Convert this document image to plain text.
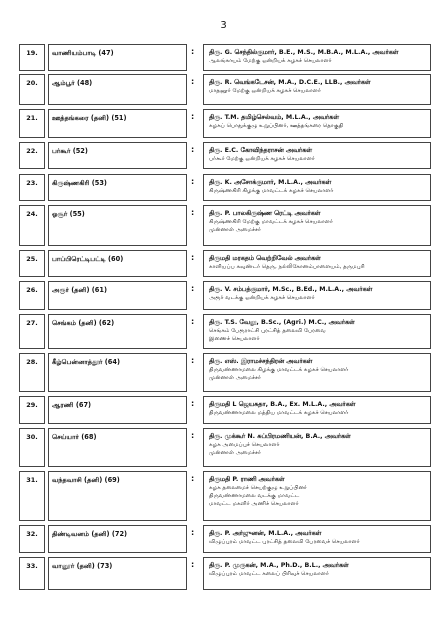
3
19.	வாணியம்பாடி (47)	: திரு. G. செந்தில்குமார், B.E., M.S., M.B.A., M.L.A., அவர்கள்
ஆலங்காயம் மேற்கு ஒன்றியக் கழகச் செயலாளர்
20.	ஆம்பூர் (48)	: திரு. R. வெங்கடேசன், M.A., D.C.E., LLB., அவர்கள்
மாதனூர் மேற்கு ஒன்றியக் கழகச் செயலாளர்
21.	ஊத்தங்கரை (தனி) (51)	: திரு. T.M. தமிழ்செல்வம், M.L.A., அவர்கள்
கழகப் பொதுக்குழு உறுப்பினர், ஊத்தங்கரை தொகுதி
22.	பர்கூர் (52)	: திரு. E.C. கோவிந்தராசன் அவர்கள்
பர்கூர் மேற்கு ஒன்றியக் கழகச் செயலாளர்
23.	கிருஷ்ணகிரி (53)	: திரு. K. அசோக்குமார், M.L.A., அவர்கள்
கிருஷ்ணகிரி கிழக்கு மாவட்டக் கழகச் செயலாளர்
24.	ஓசூர் (55)	: திரு. P. பாலகிருஷ்ண ரெட்டி அவர்கள்
கிருஷ்ணகிரி மேற்கு மாவட்டக் கழகச் செயலாளர்
முன்னாள் அமைச்சர்
25.	பாப்பிரெட்டிபட்டி (60)	: திருமதி மரகதம் வெற்றிவேல் அவர்கள்
காளியப்ப கவுண்டர் தெரு, நல்லிகோனம்பாளையம், தருமபுரி
26.	அரூர் (தனி) (61)	: திரு. V. சம்பத்குமார், M.Sc., B.Ed., M.L.A., அவர்கள்
அரூர் வடக்கு ஒன்றியக் கழகச் செயலாளர்
27.	செங்கம் (தனி) (62)	: திரு. T.S. வேலு, B.Sc., (Agri.) M.C., அவர்கள்
செங்கம் பேரூராட்சி புரட்சித் தலைவி பேரவை
இணைச் செயலாளர்
28.	கீழ்பென்னாத்தூர் (64)	: திரு. எஸ். இராமச்சந்திரன் அவர்கள்
திருவண்ணாமலை கிழக்கு மாவட்டக் கழகச் செயலாளர்
முன்னாள் அமைச்சர்
29.	ஆரணி (67)	: திருமதி L ஜெயசுதா, B.A., Ex. M.L.A., அவர்கள்
திருவண்ணாமலை மத்திய மாவட்டக் கழகச் செயலாளர்
30.	செய்யார் (68)	: திரு. முக்கூர் N. சுப்பிரமணியன், B.A., அவர்கள்
கழக அமைப்புச் செயலாளர்
முன்னாள் அமைச்சர்
31.	வந்தவாசி (தனி) (69)	: திருமதி P. ராணி அவர்கள்
கழக தலைமைச் செயற்குழு உறுப்பினர்
திருவண்ணாமலை வடக்கு மாவட்ட
மாவட்ட மகளிர் அணிச் செயலாளர்
32.	திண்டிவனம் (தனி) (72)	: திரு. P. அர்ஜுனன், M.L.A., அவர்கள்
விழுப்புரம் மாவட்ட புரட்சித் தலைவி பேரவைச் செயலாளர்
33.	வானூர் (தனி) (73)	: திரு. P. முருகன், M.A., Ph.D., B.L., அவர்கள்
விழுப்புரம் மாவட்ட கலைப் பிரிவுச் செயலாளர்
